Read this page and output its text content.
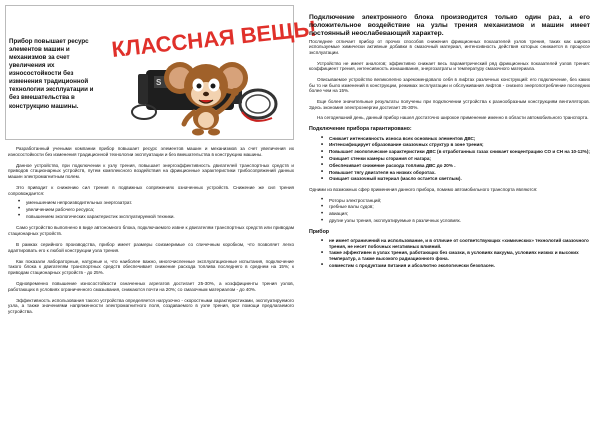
Прибор повышает ресурс элементов машин и механизмов за счет увеличения их износостойкости без изменения традиционной технологии эксплуатации и без вмешательства в конструкцию машины.
S
КЛАССНАЯ ВЕЩЬ!

Разработанный учеными компании прибор повышает ресурс элементов машин и механизмов за счет увеличения их износостойкости без изменения традиционной технологии эксплуатации и без вмешательства в конструкцию машины.

Данное устройство, при подключении к узлу трения, повышает энергоэффективность двигателей транспортных средств и приводов стационарных устройств, путем комплексного воздействия на фрикционные характеристики трибосопряжений данных машин электромагнитным полем.

Это приводит к снижению сил трения в подвижных сопряжениях означенных устройств. Снижение же сил трения сопровождается:

• уменьшением непроизводительных энергозатрат.
• увеличением рабочего ресурса;
• повышением экологических характеристик эксплуатируемой техники.

Само устройство выполнено в виде автономного блока, подключаемого извне к двигателям транспортных средств или приводам стационарных устройств.

В рамках серийного производства, прибор имеет размеры соизмеримые со спичечным коробком, что позволяет легко адаптировать его к любой конструкции узла трения.

Как показали лабораторные, натурные и, что наиболее важно, многочисленные эксплуатационные испытания, подключение такого блока к двигателям транспортных средств обеспечивает снижение расхода топлива последнего в среднем на 15%; к приводам стационарных устройств - до 25%.

Одновременно повышение износостойкости означенных агрегатов достигает 25-30%, а коэффициенты трения узлов, работающих в условиях ограниченного смазывания, снижаются почти на 20%; со смазочным материалом - до 40%.

Эффективность использования такого устройства определяется нагрузочно - скоростными характеристиками, эксплуатируемого узла, а также значениями напряженности электромагнитного поля, создаваемого в узле трения, при помощи предлагаемого устройства.

Подключение электронного блока производится только один раз, а его положительное воздействие на узлы трения механизмов и машин имеет постоянный неослабевающий характер.

Последнее отличает прибор от прочих способов снижения фрикционных показателей узлов трения, таких как широко используемые химически активные добавки в смазочный материал, интенсивность действия которых снижается в процессе эксплуатации.

Устройство не имеет аналогов; эффективно снижает весь параметрический ряд фрикционных показателей узлов трения: коэффициент трения, интенсивность изнашивания, энергозатраты и температуру смазочного материала.

Описываемое устройство великолепно зарекомендовало себя в лифтах различных конструкций: его подключение, без каких бы то ни было изменений в конструкции, режимах эксплуатации и обслуживания лифтов - снизило энергопотребление последних более чем на 15%.

Еще более значительные результаты получены при подключении устройства к разнообразным конструкциям вентиляторов. Здесь экономия электроэнергии достигает 25-30%.

На сегодняшний день, данный прибор нашел достаточно широкое применение именно в области автомобильного транспорта.

Подключение прибора гарантировано:
• Снижает интенсивность износа всех основных элементов ДВС;
• Интенсифицирует образование смазочных структур в зоне трения;
• Повышает экологические характеристики ДВС (в отработанных газах снижает концентрацию CO и CH на 10-12%);
• Очищает стенки камеры сгорания от нагара;
• Обеспечивает снижение расхода топлива ДВС до 20% .
• Повышает тягу двигателя на низких оборотах.
• Очищает смазочный материал (масло остается светлым).

Одними из возможных сфер применения данного прибора, помимо автомобильного транспорта являются:

• Роторы электростанций;
• гребные валы судов;
• авиация;
• другие узлы трения, эксплуатируемые в различных условиях.
Прибор
• не имеет ограничений на использование, и в отличие от соответствующих «химических» технологий смазочного трения, не несет побочных негативных влияний.
• также эффективен в узлах трения, работающих без смазки, в условиях вакуума, условиях низких и высоких температур, а также высокого радиационного фона.
• совместим с продуктами питания и абсолютно экологически безопасен.
